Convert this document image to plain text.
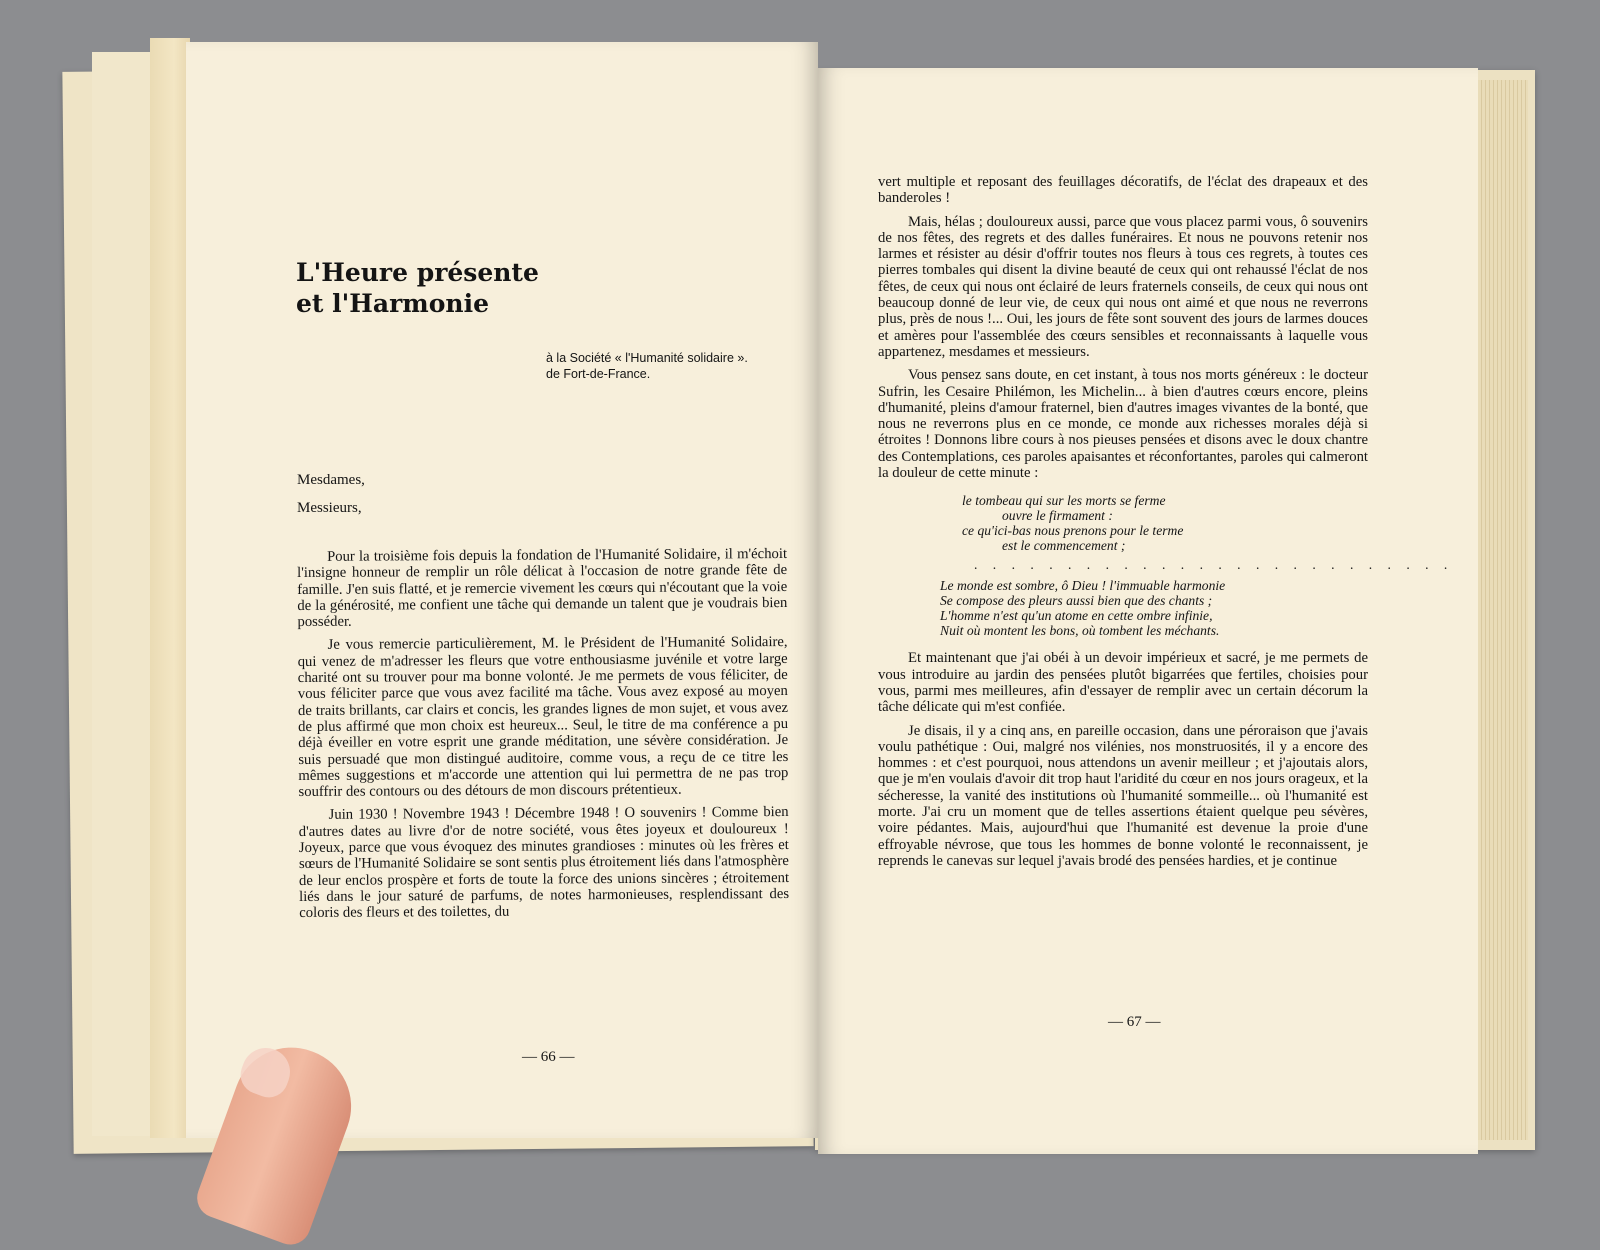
L'Heure présente
et l'Harmonie
à la Société « l'Humanité solidaire ».
de Fort-de-France.
Mesdames,
Messieurs,

Pour la troisième fois depuis la fondation de l'Humanité Solidaire, il m'échoit l'insigne honneur de remplir un rôle délicat à l'occasion de notre grande fête de famille. J'en suis flatté, et je remercie vivement les cœurs qui n'écoutant que la voie de la générosité, me confient une tâche qui demande un talent que je voudrais bien posséder.

Je vous remercie particulièrement, M. le Président de l'Humanité Solidaire, qui venez de m'adresser les fleurs que votre enthousiasme juvénile et votre large charité ont su trouver pour ma bonne volonté. Je me permets de vous féliciter, de vous féliciter parce que vous avez facilité ma tâche. Vous avez exposé au moyen de traits brillants, car clairs et concis, les grandes lignes de mon sujet, et vous avez de plus affirmé que mon choix est heureux... Seul, le titre de ma conférence a pu déjà éveiller en votre esprit une grande méditation, une sévère considération. Je suis persuadé que mon distingué auditoire, comme vous, a reçu de ce titre les mêmes suggestions et m'accorde une attention qui lui permettra de ne pas trop souffrir des contours ou des détours de mon discours prétentieux.

Juin 1930 ! Novembre 1943 ! Décembre 1948 ! O souvenirs ! Comme bien d'autres dates au livre d'or de notre société, vous êtes joyeux et douloureux ! Joyeux, parce que vous évoquez des minutes grandioses : minutes où les frères et sœurs de l'Humanité Solidaire se sont sentis plus étroitement liés dans l'atmosphère de leur enclos prospère et forts de toute la force des unions sincères ; étroitement liés dans le jour saturé de parfums, de notes harmonieuses, resplendissant des coloris des fleurs et des toilettes, du

— 66 —

vert multiple et reposant des feuillages décoratifs, de l'éclat des drapeaux et des banderoles !

Mais, hélas ; douloureux aussi, parce que vous placez parmi vous, ô souvenirs de nos fêtes, des regrets et des dalles funéraires. Et nous ne pouvons retenir nos larmes et résister au désir d'offrir toutes nos fleurs à tous ces regrets, à toutes ces pierres tombales qui disent la divine beauté de ceux qui ont rehaussé l'éclat de nos fêtes, de ceux qui nous ont éclairé de leurs fraternels conseils, de ceux qui nous ont beaucoup donné de leur vie, de ceux qui nous ont aimé et que nous ne reverrons plus, près de nous !... Oui, les jours de fête sont souvent des jours de larmes douces et amères pour l'assemblée des cœurs sensibles et reconnaissants à laquelle vous appartenez, mesdames et messieurs.

Vous pensez sans doute, en cet instant, à tous nos morts généreux : le docteur Sufrin, les Cesaire Philémon, les Michelin... à bien d'autres cœurs encore, pleins d'humanité, pleins d'amour fraternel, bien d'autres images vivantes de la bonté, que nous ne reverrons plus en ce monde, ce monde aux richesses morales déjà si étroites ! Donnons libre cours à nos pieuses pensées et disons avec le doux chantre des Contemplations, ces paroles apaisantes et réconfortantes, paroles qui calmeront la douleur de cette minute :

le tombeau qui sur les morts se ferme
ouvre le firmament :
ce qu'ici-bas nous prenons pour le terme
est le commencement ;
. . . . . . . . . . . . . . . . . . . . . . . . . .
Le monde est sombre, ô Dieu ! l'immuable harmonie
Se compose des pleurs aussi bien que des chants ;
L'homme n'est qu'un atome en cette ombre infinie,
Nuit où montent les bons, où tombent les méchants.

Et maintenant que j'ai obéi à un devoir impérieux et sacré, je me permets de vous introduire au jardin des pensées plutôt bigarrées que fertiles, choisies pour vous, parmi mes meilleures, afin d'essayer de remplir avec un certain décorum la tâche délicate qui m'est confiée.

Je disais, il y a cinq ans, en pareille occasion, dans une péroraison que j'avais voulu pathétique : Oui, malgré nos vilénies, nos monstruosités, il y a encore des hommes : et c'est pourquoi, nous attendons un avenir meilleur ; et j'ajoutais alors, que je m'en voulais d'avoir dit trop haut l'aridité du cœur en nos jours orageux, et la sécheresse, la vanité des institutions où l'humanité sommeille... où l'humanité est morte. J'ai cru un moment que de telles assertions étaient quelque peu sévères, voire pédantes. Mais, aujourd'hui que l'humanité est devenue la proie d'une effroyable névrose, que tous les hommes de bonne volonté le reconnaissent, je reprends le canevas sur lequel j'avais brodé des pensées hardies, et je continue

— 67 —
